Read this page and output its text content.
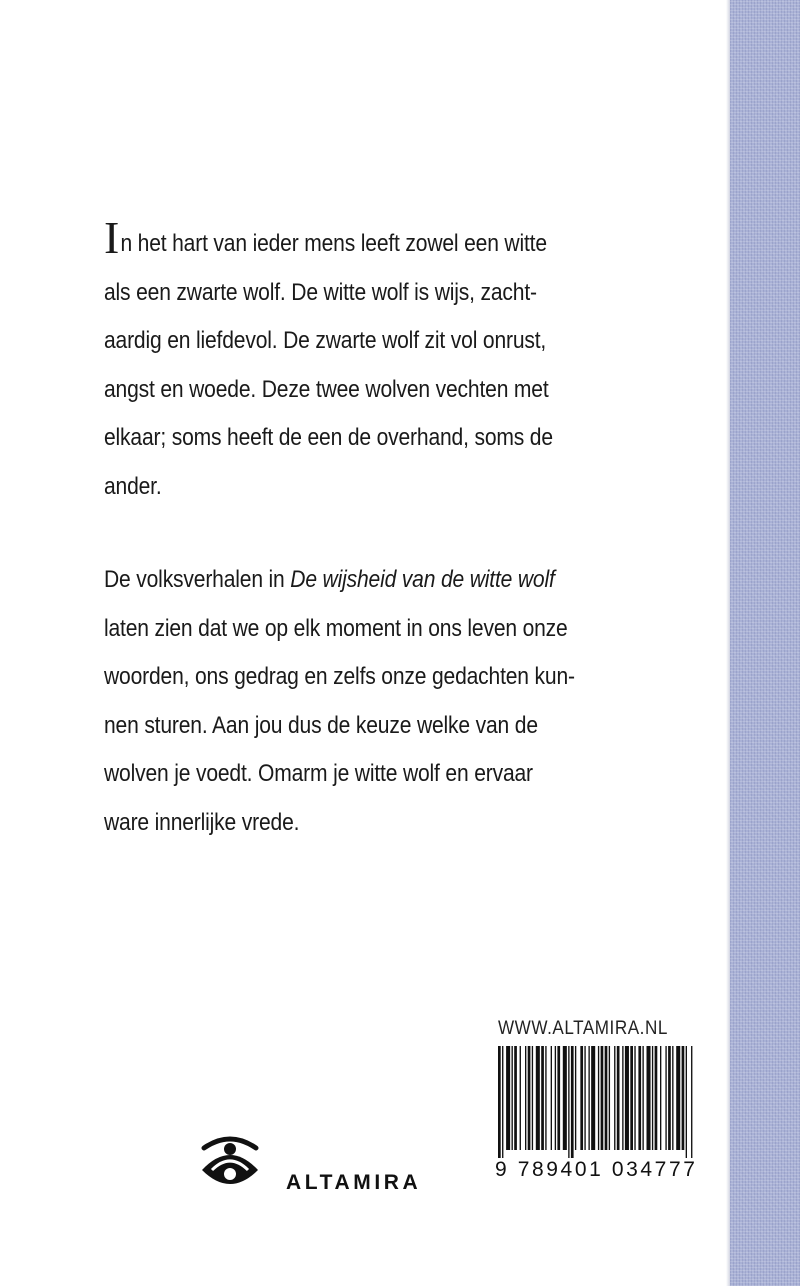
In het hart van ieder mens leeft zowel een witte
als een zwarte wolf. De witte wolf is wijs, zacht-
aardig en liefdevol. De zwarte wolf zit vol onrust,
angst en woede. Deze twee wolven vechten met
elkaar; soms heeft de een de overhand, soms de
ander.
De volksverhalen in De wijsheid van de witte wolf
laten zien dat we op elk moment in ons leven onze
woorden, ons gedrag en zelfs onze gedachten kun-
nen sturen. Aan jou dus de keuze welke van de
wolven je voedt. Omarm je witte wolf en ervaar
ware innerlijke vrede.
WWW.ALTAMIRA.NL
9 789401 034777
ALTAMIRA
